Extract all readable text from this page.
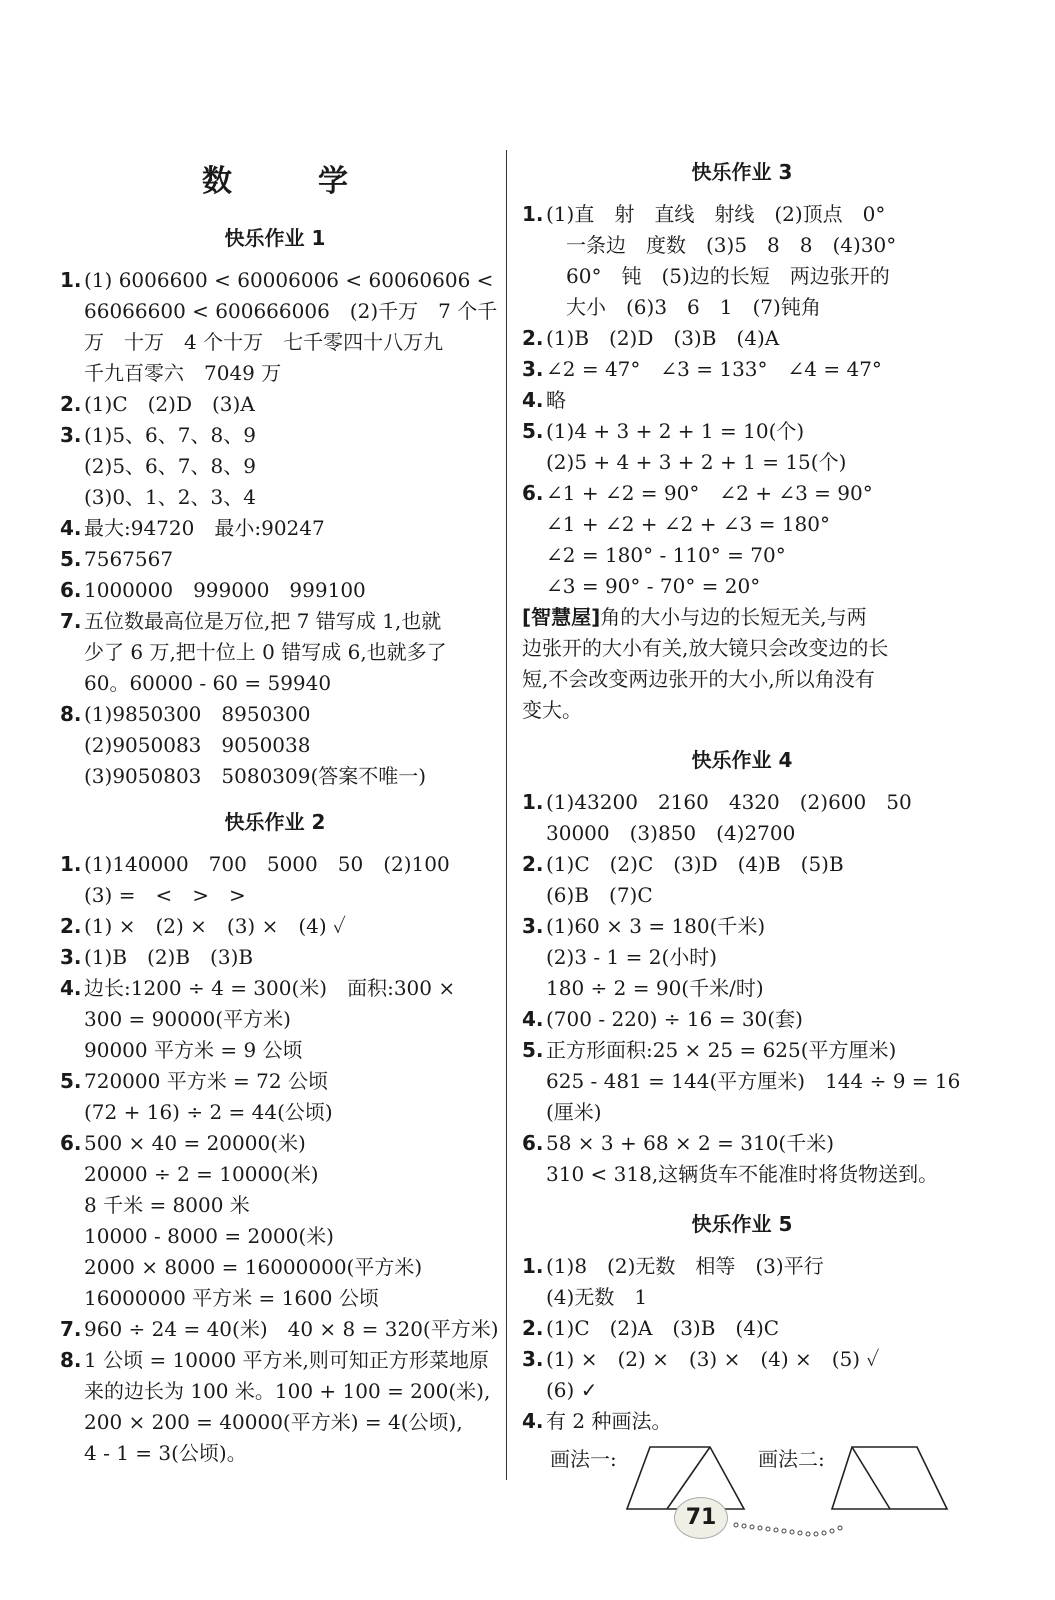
数　学
快乐作业 1
1. (1) 6006600 < 60006006 < 60060606 <
66066600 < 600666006　(2)千万　7 个千
万　十万　4 个十万　七千零四十八万九
千九百零六　7049 万
2. (1)C　(2)D　(3)A
3. (1)5、6、7、8、9
(2)5、6、7、8、9
(3)0、1、2、3、4
4. 最大:94720　最小:90247
5. 7567567
6. 1000000　999000　999100
7. 五位数最高位是万位,把 7 错写成 1,也就
少了 6 万,把十位上 0 错写成 6,也就多了
60。60000 - 60 = 59940
8. (1)9850300　8950300
(2)9050083　9050038
(3)9050803　5080309(答案不唯一)
快乐作业 2
1. (1)140000　700　5000　50　(2)100
(3) =　<　>　>
2. (1) ×　(2) ×　(3) ×　(4) ✓
3. (1)B　(2)B　(3)B
4. 边长:1200 ÷ 4 = 300(米)　面积:300 ×
300 = 90000(平方米)
90000 平方米 = 9 公顷
5. 720000 平方米 = 72 公顷
(72 + 16) ÷ 2 = 44(公顷)
6. 500 × 40 = 20000(米)
20000 ÷ 2 = 10000(米)
8 千米 = 8000 米
10000 - 8000 = 2000(米)
2000 × 8000 = 16000000(平方米)
16000000 平方米 = 1600 公顷
7. 960 ÷ 24 = 40(米)　40 × 8 = 320(平方米)
8. 1 公顷 = 10000 平方米,则可知正方形菜地原
来的边长为 100 米。100 + 100 = 200(米),
200 × 200 = 40000(平方米) = 4(公顷),
4 - 1 = 3(公顷)。
快乐作业 3
1. (1)直　射　直线　射线　(2)顶点　0°
　一条边　度数　(3)5　8　8　(4)30°
　60°　钝　(5)边的长短　两边张开的
　大小　(6)3　6　1　(7)钝角
2. (1)B　(2)D　(3)B　(4)A
3. ∠2 = 47°　∠3 = 133°　∠4 = 47°
4. 略
5. (1)4 + 3 + 2 + 1 = 10(个)
(2)5 + 4 + 3 + 2 + 1 = 15(个)
6. ∠1 + ∠2 = 90°　∠2 + ∠3 = 90°
∠1 + ∠2 + ∠2 + ∠3 = 180°
∠2 = 180° - 110° = 70°
∠3 = 90° - 70° = 20°
[智慧屋]角的大小与边的长短无关,与两
边张开的大小有关,放大镜只会改变边的长
短,不会改变两边张开的大小,所以角没有
变大。
快乐作业 4
1. (1)43200　2160　4320　(2)600　50
30000　(3)850　(4)2700
2. (1)C　(2)C　(3)D　(4)B　(5)B
(6)B　(7)C
3. (1)60 × 3 = 180(千米)
(2)3 - 1 = 2(小时)
180 ÷ 2 = 90(千米/时)
4. (700 - 220) ÷ 16 = 30(套)
5. 正方形面积:25 × 25 = 625(平方厘米)
625 - 481 = 144(平方厘米)　144 ÷ 9 = 16
(厘米)
6. 58 × 3 + 68 × 2 = 310(千米)
310 < 318,这辆货车不能准时将货物送到。
快乐作业 5
1. (1)8　(2)无数　相等　(3)平行
(4)无数　1
2. (1)C　(2)A　(3)B　(4)C
3. (1) ×　(2) ×　(3) ×　(4) ×　(5) ✓
(6) ✓
4. 有 2 种画法。
画法一:	画法二:
71
